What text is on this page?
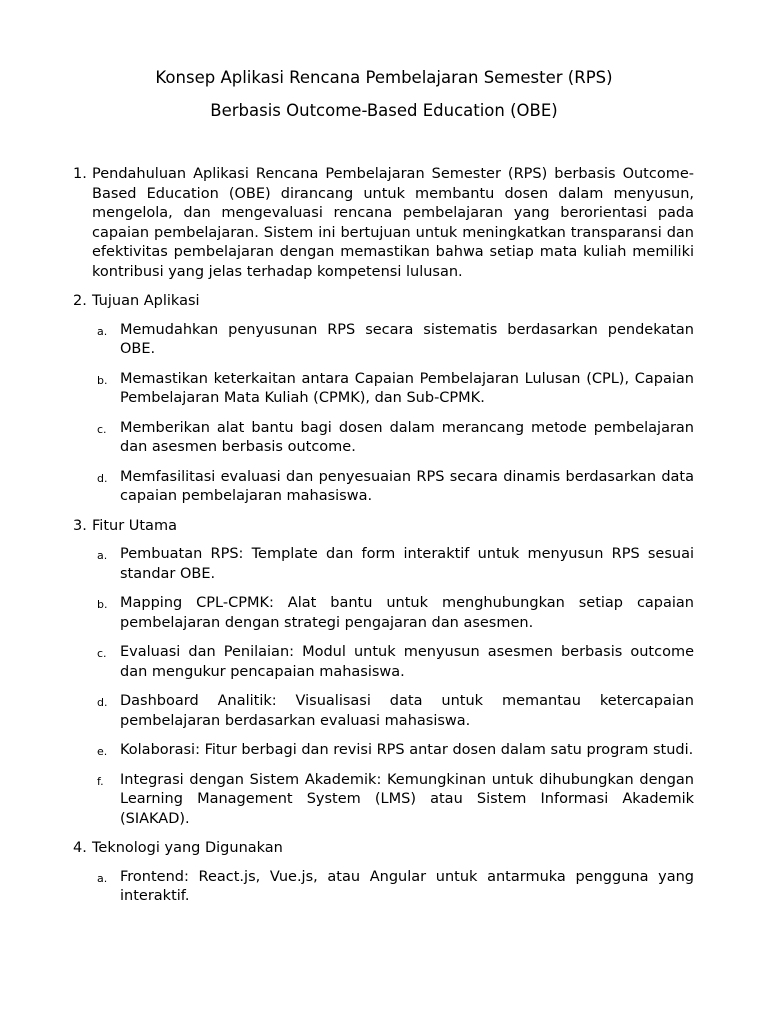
Konsep Aplikasi Rencana Pembelajaran Semester (RPS)
Berbasis Outcome-Based Education (OBE)
1. Pendahuluan Aplikasi Rencana Pembelajaran Semester (RPS) berbasis Outcome-Based Education (OBE) dirancang untuk membantu dosen dalam menyusun, mengelola, dan mengevaluasi rencana pembelajaran yang berorientasi pada capaian pembelajaran. Sistem ini bertujuan untuk meningkatkan transparansi dan efektivitas pembelajaran dengan memastikan bahwa setiap mata kuliah memiliki kontribusi yang jelas terhadap kompetensi lulusan.
2. Tujuan Aplikasi
a. Memudahkan penyusunan RPS secara sistematis berdasarkan pendekatan OBE.
b. Memastikan keterkaitan antara Capaian Pembelajaran Lulusan (CPL), Capaian Pembelajaran Mata Kuliah (CPMK), dan Sub-CPMK.
c. Memberikan alat bantu bagi dosen dalam merancang metode pembelajaran dan asesmen berbasis outcome.
d. Memfasilitasi evaluasi dan penyesuaian RPS secara dinamis berdasarkan data capaian pembelajaran mahasiswa.
3. Fitur Utama
a. Pembuatan RPS: Template dan form interaktif untuk menyusun RPS sesuai standar OBE.
b. Mapping CPL-CPMK: Alat bantu untuk menghubungkan setiap capaian pembelajaran dengan strategi pengajaran dan asesmen.
c. Evaluasi dan Penilaian: Modul untuk menyusun asesmen berbasis outcome dan mengukur pencapaian mahasiswa.
d. Dashboard Analitik: Visualisasi data untuk memantau ketercapaian pembelajaran berdasarkan evaluasi mahasiswa.
e. Kolaborasi: Fitur berbagi dan revisi RPS antar dosen dalam satu program studi.
f. Integrasi dengan Sistem Akademik: Kemungkinan untuk dihubungkan dengan Learning Management System (LMS) atau Sistem Informasi Akademik (SIAKAD).
4. Teknologi yang Digunakan
a. Frontend: React.js, Vue.js, atau Angular untuk antarmuka pengguna yang interaktif.
